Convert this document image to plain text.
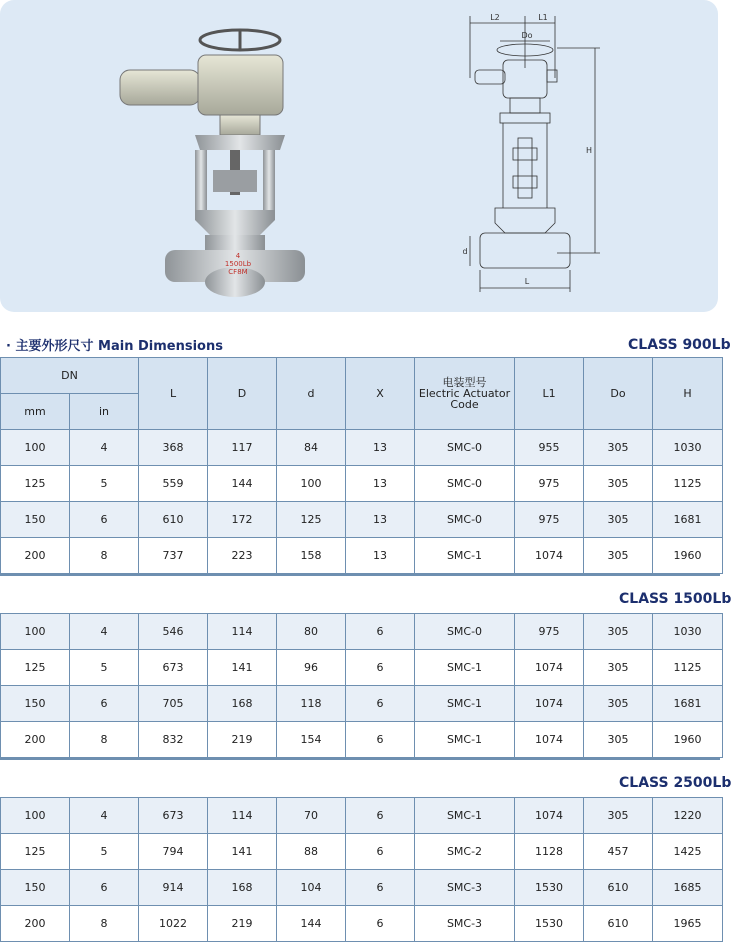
4
1500Lb
CF8M
L2	L1
Do
H
d
L
· 主要外形尺寸 Main Dimensions	CLASS 900Lb
DN		L	D	d	X	电装型号
Electric Actuator
Code	L1	Do	H
mm	in								
100	4	368	117	84	13	SMC-0	955	305	1030
125	5	559	144	100	13	SMC-0	975	305	1125
150	6	610	172	125	13	SMC-0	975	305	1681
200	8	737	223	158	13	SMC-1	1074	305	1960
CLASS 1500Lb
100	4	546	114	80	6	SMC-0	975	305	1030
125	5	673	141	96	6	SMC-1	1074	305	1125
150	6	705	168	118	6	SMC-1	1074	305	1681
200	8	832	219	154	6	SMC-1	1074	305	1960
CLASS 2500Lb
100	4	673	114	70	6	SMC-1	1074	305	1220
125	5	794	141	88	6	SMC-2	1128	457	1425
150	6	914	168	104	6	SMC-3	1530	610	1685
200	8	1022	219	144	6	SMC-3	1530	610	1965
